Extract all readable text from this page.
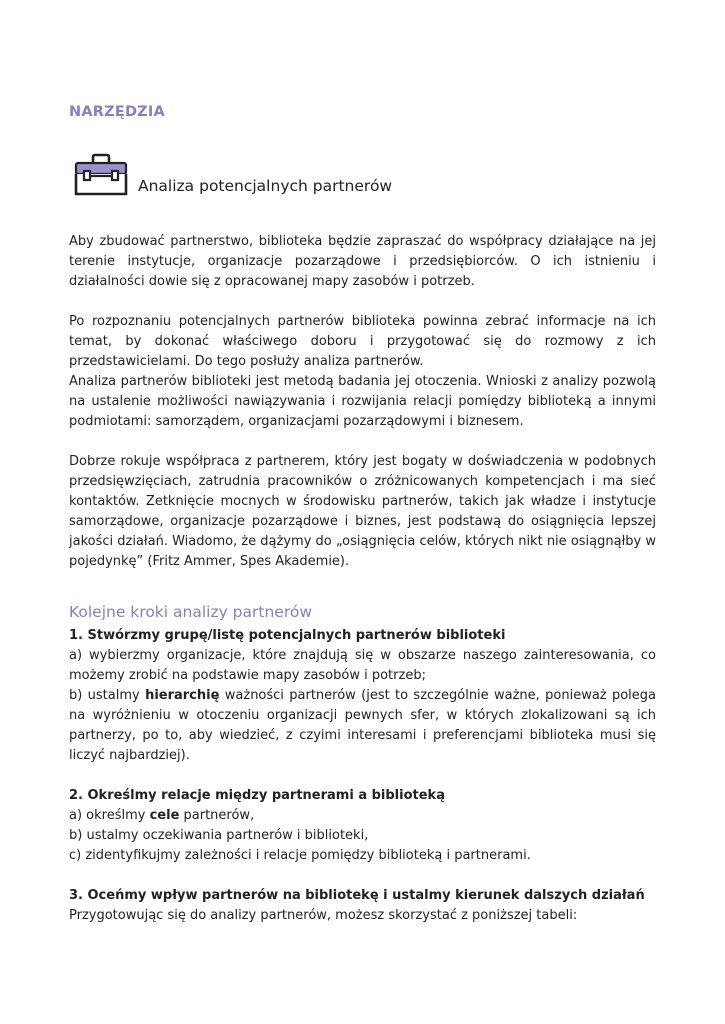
NARZĘDZIA
Analiza potencjalnych partnerów

Aby zbudować partnerstwo, biblioteka będzie zapraszać do współpracy działające na jej terenie instytucje, organizacje pozarządowe i przedsiębiorców. O ich istnieniu i działalności dowie się z opracowanej mapy zasobów i potrzeb.

Po rozpoznaniu potencjalnych partnerów biblioteka powinna zebrać informacje na ich temat, by dokonać właściwego doboru i przygotować się do rozmowy z ich przedstawicielami. Do tego posłuży analiza partnerów.

Analiza partnerów biblioteki jest metodą badania jej otoczenia. Wnioski z analizy pozwolą na ustalenie możliwości nawiązywania i rozwijania relacji pomiędzy biblioteką a innymi podmiotami: samorządem, organizacjami pozarządowymi i biznesem.

Dobrze rokuje współpraca z partnerem, który jest bogaty w doświadczenia w podobnych przedsięwzięciach, zatrudnia pracowników o zróżnicowanych kompetencjach i ma sieć kontaktów. Zetknięcie mocnych w środowisku partnerów, takich jak władze i instytucje samorządowe, organizacje pozarządowe i biznes, jest podstawą do osiągnięcia lepszej jakości działań. Wiadomo, że dążymy do „osiągnięcia celów, których nikt nie osiągnąłby w pojedynkę” (Fritz Ammer, Spes Akademie).

Kolejne kroki analizy partnerów

1. Stwórzmy grupę/listę potencjalnych partnerów biblioteki

a) wybierzmy organizacje, które znajdują się w obszarze naszego zainteresowania, co możemy zrobić na podstawie mapy zasobów i potrzeb;

b) ustalmy hierarchię ważności partnerów (jest to szczególnie ważne, ponieważ polega na wyróżnieniu w otoczeniu organizacji pewnych sfer, w których zlokalizowani są ich partnerzy, po to, aby wiedzieć, z czyimi interesami i preferencjami biblioteka musi się liczyć najbardziej).

2. Określmy relacje między partnerami a biblioteką

a) określmy cele partnerów,

b) ustalmy oczekiwania partnerów i biblioteki,

c) zidentyfikujmy zależności i relacje pomiędzy biblioteką i partnerami.

3. Oceńmy wpływ partnerów na bibliotekę i ustalmy kierunek dalszych działań

Przygotowując się do analizy partnerów, możesz skorzystać z poniższej tabeli:
